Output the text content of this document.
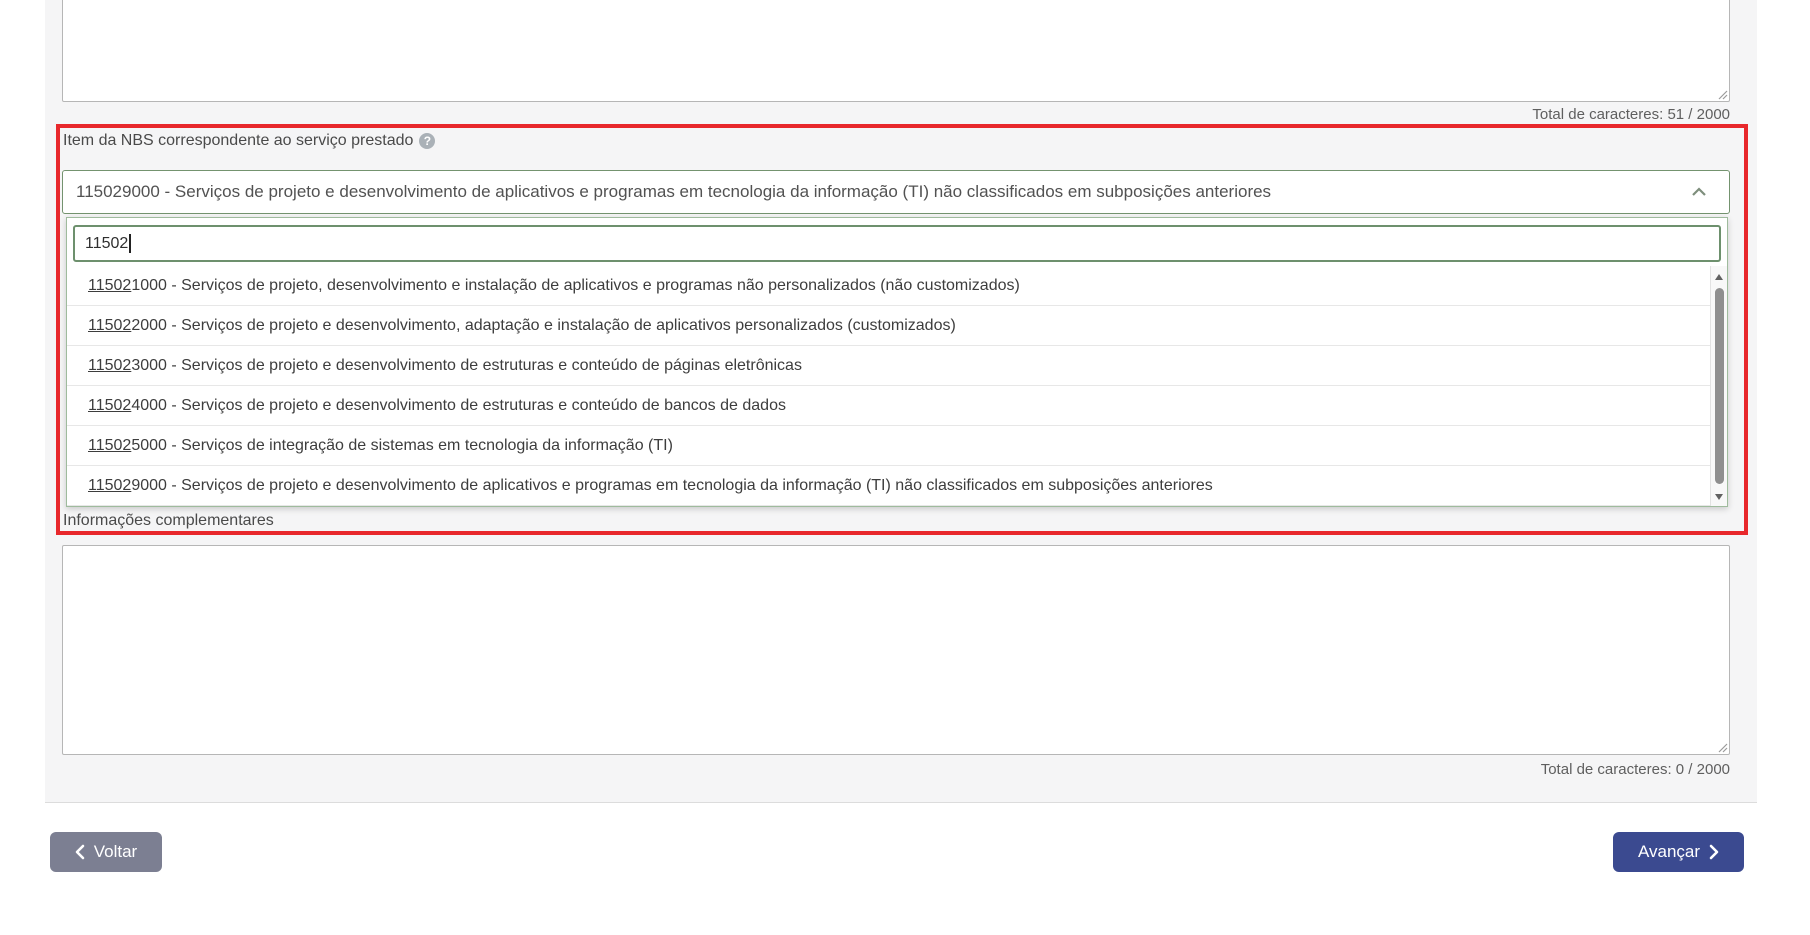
Total de caracteres: 51 / 2000
Item da NBS correspondente ao serviço prestado ?
115029000 - Serviços de projeto e desenvolvimento de aplicativos e programas em tecnologia da informação (TI) não classificados em subposições anteriores
11502
11502 1000 - Serviços de projeto, desenvolvimento e instalação de aplicativos e programas não personalizados (não customizados)
11502 2000 - Serviços de projeto e desenvolvimento, adaptação e instalação de aplicativos personalizados (customizados)
11502 3000 - Serviços de projeto e desenvolvimento de estruturas e conteúdo de páginas eletrônicas
11502 4000 - Serviços de projeto e desenvolvimento de estruturas e conteúdo de bancos de dados
11502 5000 - Serviços de integração de sistemas em tecnologia da informação (TI)
11502 9000 - Serviços de projeto e desenvolvimento de aplicativos e programas em tecnologia da informação (TI) não classificados em subposições anteriores
Informações complementares
Total de caracteres: 0 / 2000
Voltar	Avançar
